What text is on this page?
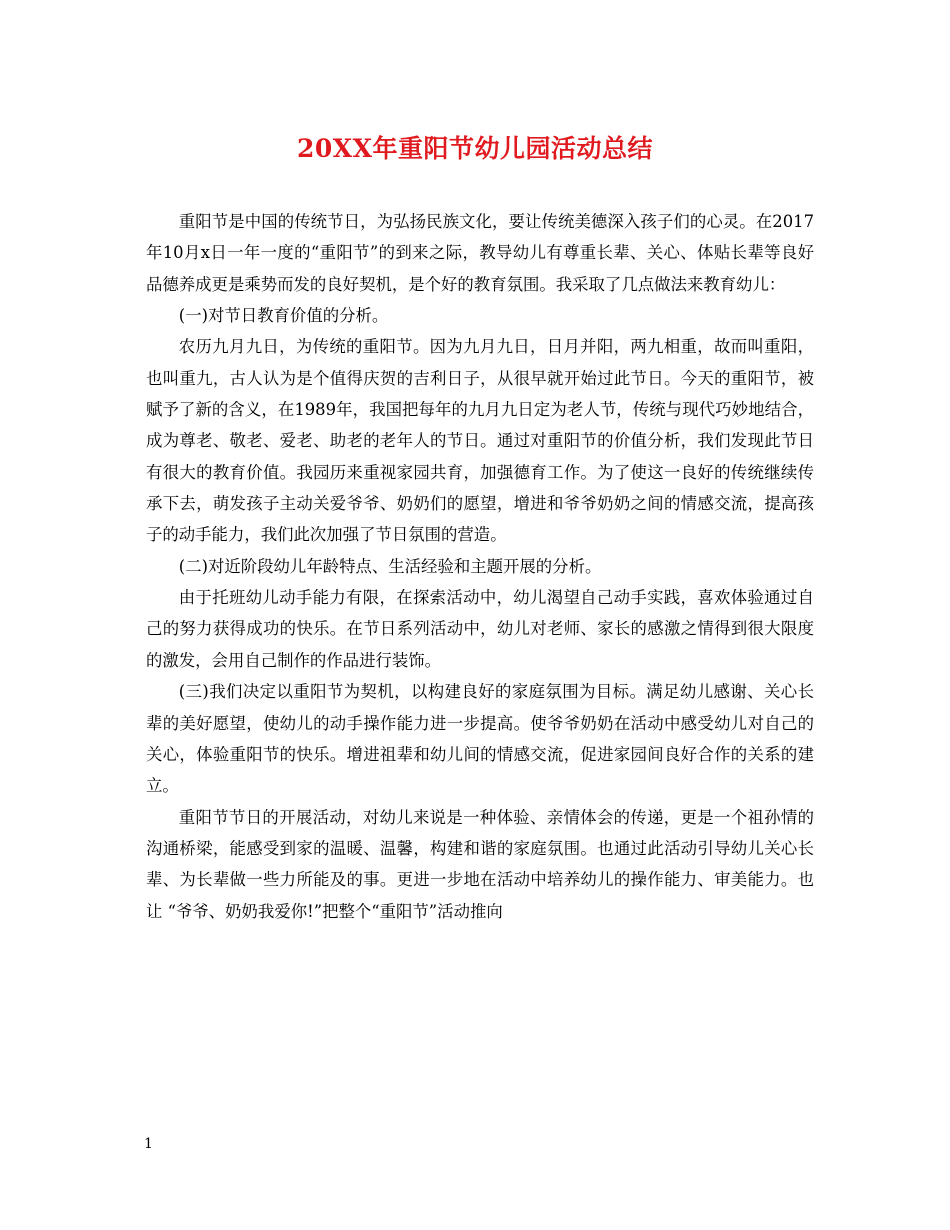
20XX年重阳节幼儿园活动总结

重阳节是中国的传统节日，为弘扬民族文化，要让传统美德深入孩子们的心灵。在2017年10月x日一年一度的“重阳节”的到来之际，教导幼儿有尊重长辈、关心、体贴长辈等良好品德养成更是乘势而发的良好契机，是个好的教育氛围。我采取了几点做法来教育幼儿：

(一)对节日教育价值的分析。

农历九月九日，为传统的重阳节。因为九月九日，日月并阳，两九相重，故而叫重阳，也叫重九，古人认为是个值得庆贺的吉利日子，从很早就开始过此节日。今天的重阳节，被赋予了新的含义，在1989年，我国把每年的九月九日定为老人节，传统与现代巧妙地结合，成为尊老、敬老、爱老、助老的老年人的节日。通过对重阳节的价值分析，我们发现此节日有很大的教育价值。我园历来重视家园共育，加强德育工作。为了使这一良好的传统继续传承下去，萌发孩子主动关爱爷爷、奶奶们的愿望，增进和爷爷奶奶之间的情感交流，提高孩子的动手能力，我们此次加强了节日氛围的营造。

(二)对近阶段幼儿年龄特点、生活经验和主题开展的分析。

由于托班幼儿动手能力有限，在探索活动中，幼儿渴望自己动手实践，喜欢体验通过自己的努力获得成功的快乐。在节日系列活动中，幼儿对老师、家长的感激之情得到很大限度的激发，会用自己制作的作品进行装饰。

(三)我们决定以重阳节为契机，以构建良好的家庭氛围为目标。满足幼儿感谢、关心长辈的美好愿望，使幼儿的动手操作能力进一步提高。使爷爷奶奶在活动中感受幼儿对自己的关心，体验重阳节的快乐。增进祖辈和幼儿间的情感交流，促进家园间良好合作的关系的建立。

重阳节节日的开展活动，对幼儿来说是一种体验、亲情体会的传递，更是一个祖孙情的沟通桥梁，能感受到家的温暖、温馨，构建和谐的家庭氛围。也通过此活动引导幼儿关心长辈、为长辈做一些力所能及的事。更进一步地在活动中培养幼儿的操作能力、审美能力。也让 “爷爷、奶奶我爱你!”把整个“重阳节”活动推向

1
